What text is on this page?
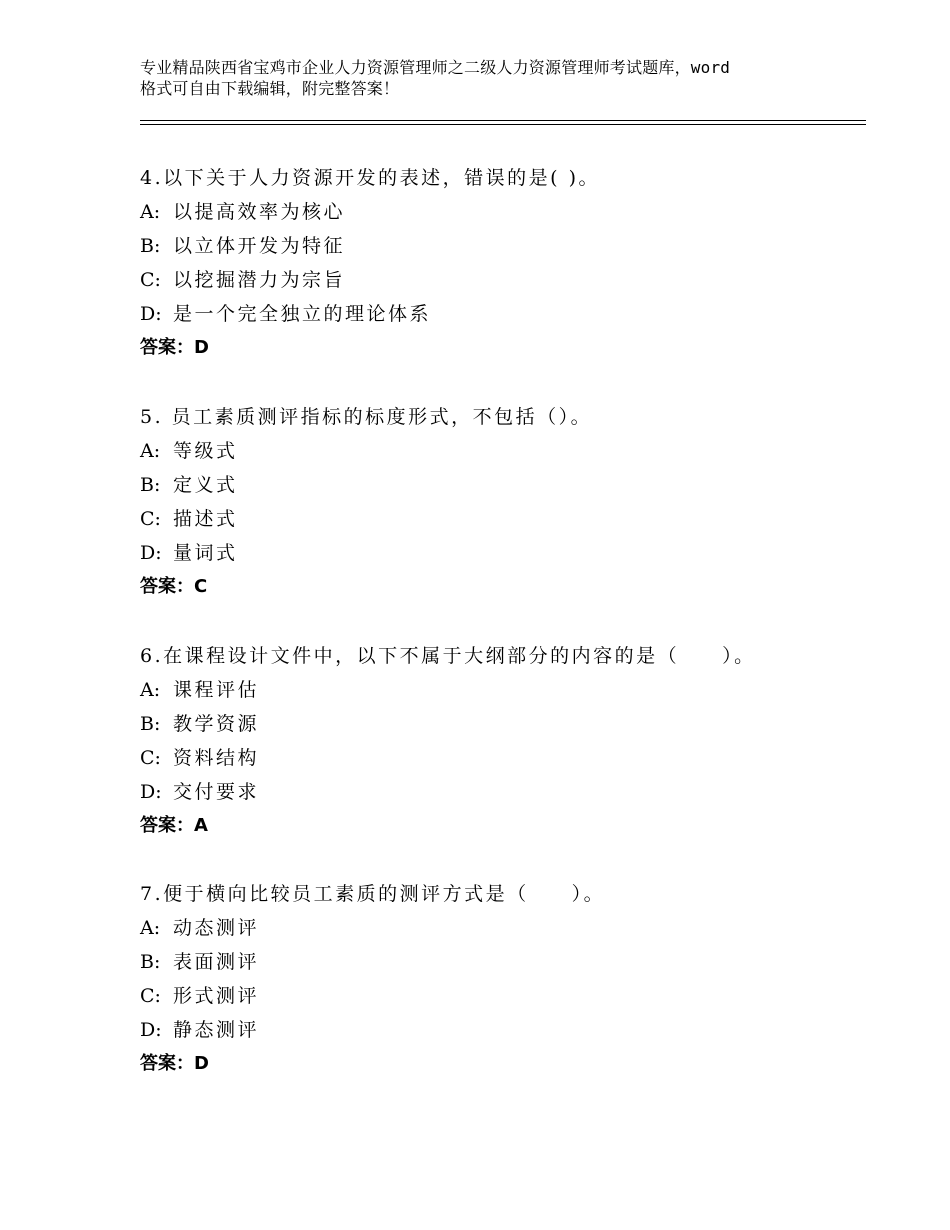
专业精品陕西省宝鸡市企业人力资源管理师之二级人力资源管理师考试题库，word
格式可自由下载编辑，附完整答案！
4.以下关于人力资源开发的表述，错误的是( )。
A: 以提高效率为核心
B: 以立体开发为特征
C: 以挖掘潜力为宗旨
D: 是一个完全独立的理论体系
答案：D
5. 员工素质测评指标的标度形式，不包括（）。
A: 等级式
B: 定义式
C: 描述式
D: 量词式
答案：C
6.在课程设计文件中，以下不属于大纲部分的内容的是（　　）。
A: 课程评估
B: 教学资源
C: 资料结构
D: 交付要求
答案：A
7.便于横向比较员工素质的测评方式是（　　）。
A: 动态测评
B: 表面测评
C: 形式测评
D: 静态测评
答案：D
